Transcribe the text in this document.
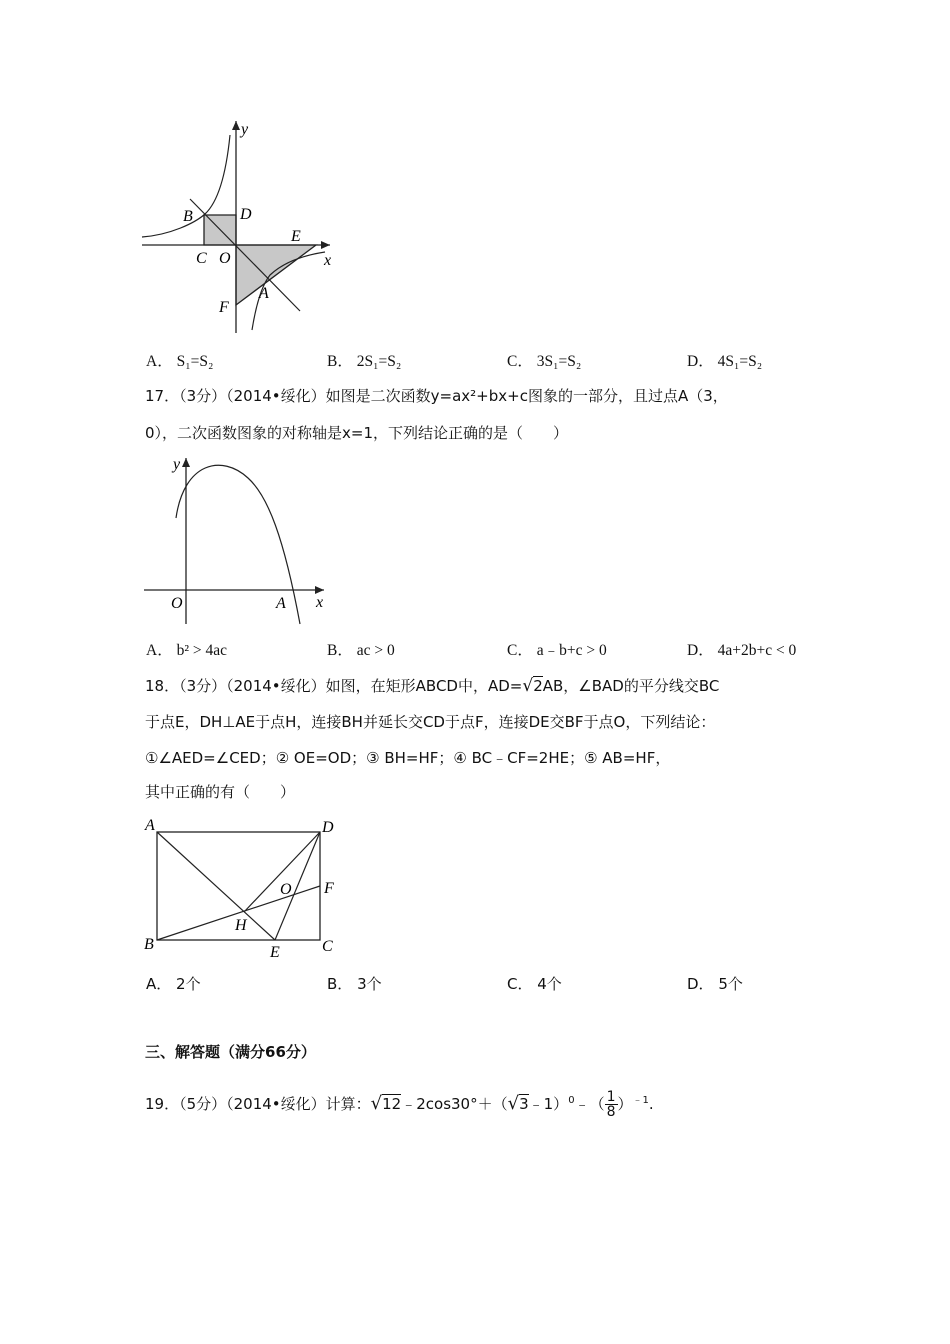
y
x
B	D
E
C O
A
F
A． S₁=S₂	B． 2S₁=S₂	C． 3S₁=S₂	D． 4S₁=S₂
17．（3分）（2014•绥化）如图是二次函数y=ax²+bx+c图象的一部分，且过点A（3，
0），二次函数图象的对称轴是x=1，下列结论正确的是（　　）
y
x
O	A
A． b² > 4ac	B． ac > 0	C． a﹣b+c > 0	D． 4a+2b+c < 0
18．（3分）（2014•绥化）如图，在矩形ABCD中，AD=√2AB，∠BAD的平分线交BC
于点E，DH⊥AE于点H，连接BH并延长交CD于点F，连接DE交BF于点O，下列结论：
①∠AED=∠CED；② OE=OD；③ BH=HF；④ BC﹣CF=2HE；⑤ AB=HF，
其中正确的有（　　）
A	D
O F
H
B	E	C
A． 2个	B． 3个	C． 4个	D． 5个
三、解答题（满分66分）
19．（5分）（2014•绥化）计算：√12﹣2cos30°＋（√3﹣1）$^0$﹣（ $\frac{1}{8} )^{﹣1}$.
